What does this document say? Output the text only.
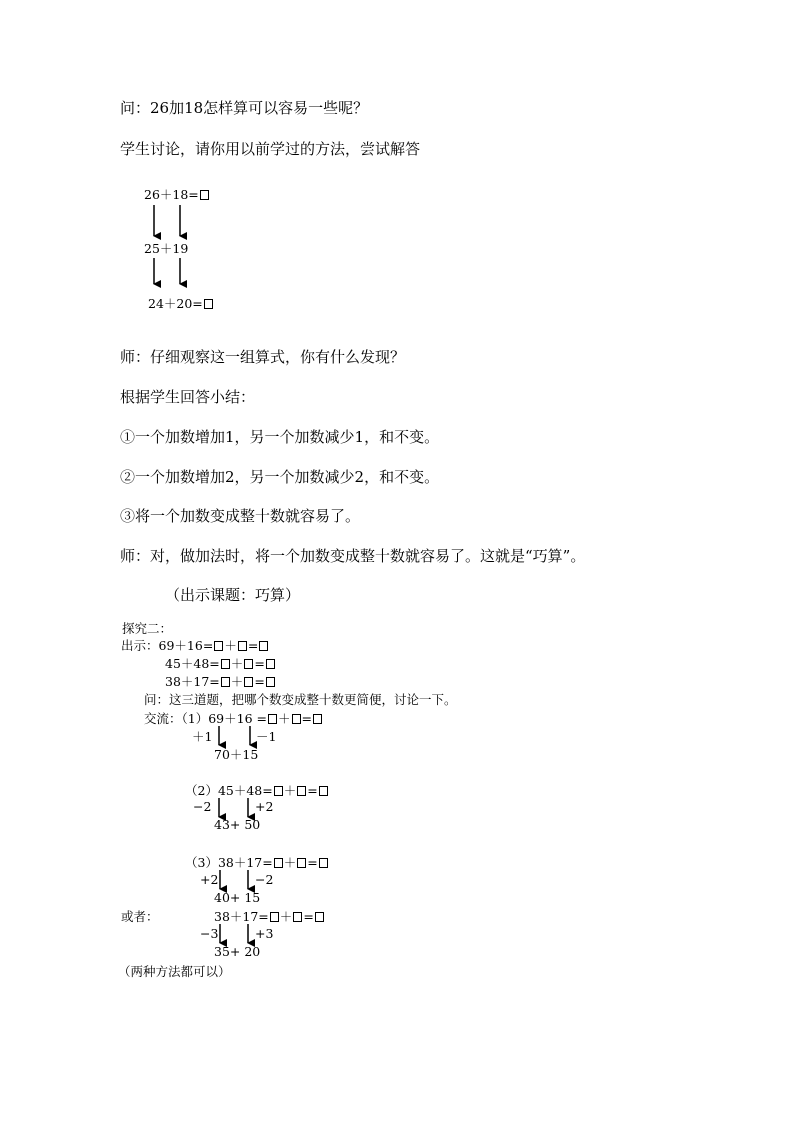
问：26加18怎样算可以容易一些呢？
学生讨论，请你用以前学过的方法，尝试解答
26＋18=
25＋19
24＋20=
师：仔细观察这一组算式，你有什么发现？
根据学生回答小结：
①一个加数增加1，另一个加数减少1，和不变。
②一个加数增加2，另一个加数减少2，和不变。
③将一个加数变成整十数就容易了。
师：对，做加法时，将一个加数变成整十数就容易了。这就是“巧算”。
（出示课题：巧算）
探究二：
出示：69＋16= ＋ =
45＋48= ＋ =
38＋17= ＋ =
问：这三道题，把哪个数变成整十数更简便，讨论一下。
交流：（1）69＋16 = ＋ =
＋1	－1
70＋15
（2）45＋48= ＋ =
−2	+2
43+ 50
（3）38＋17= ＋ =
+2	−2
40+ 15
或者：	38＋17= ＋ =
−3	+3
35+ 20
（两种方法都可以）
